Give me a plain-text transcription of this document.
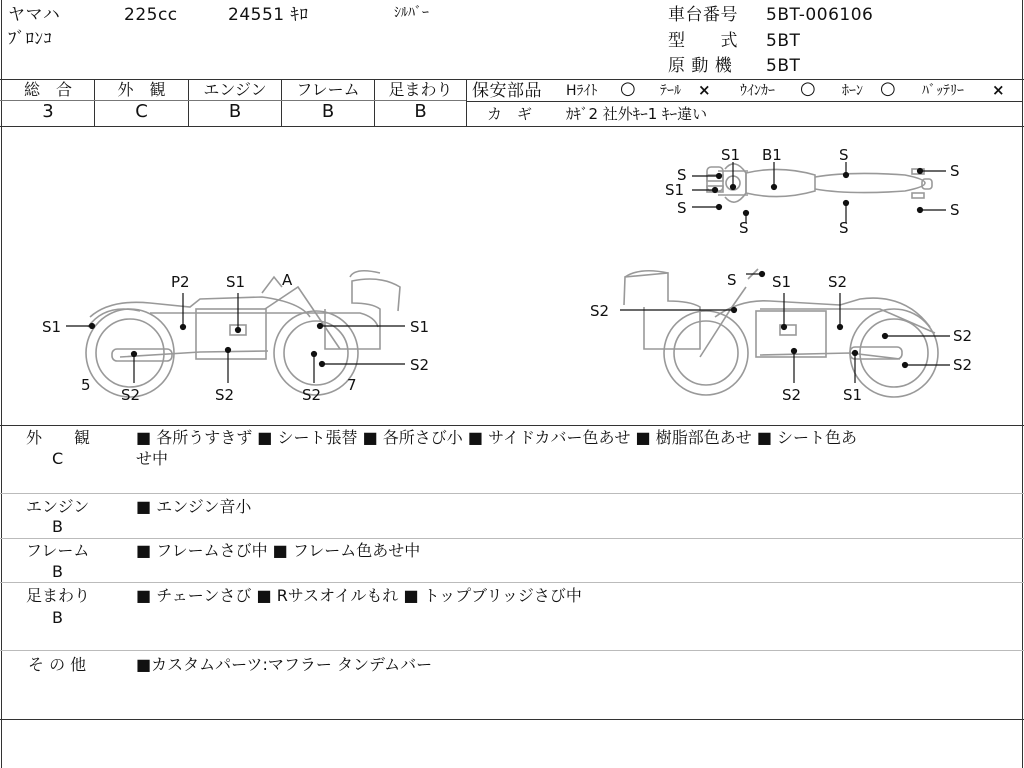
ヤマハ	225cc	24551 ｷﾛ	ｼﾙﾊﾞｰ
ﾌﾞﾛﾝｺ
車台番号 5BT-006106
型　　式 5BT
原 動 機 5BT
総　合
3
外　観
C
エンジン
B
フレーム
B
足まわり
B
保安部品 Hﾗｲﾄ ○ ﾃｰﾙ × ｳｲﾝｶｰ ○ ﾎｰﾝ ○ ﾊﾞｯﾃﾘｰ ×
カ　ギ ｶｷﾞ2 社外ｷｰ1 ｷｰ違い
S1 B1	S
S
S1
S
S	S
S
S
P2 S1 A
S1	S1
S2
S2	S2	S2
5	7
S S1 S2
S2
S2
S2
S2	S1
外　　観
C
■ 各所うすきず ■ シート張替 ■ 各所さび小 ■ サイドカバー色あせ ■ 樹脂部色あせ ■ シート色あ
せ中
エンジン
B
■ エンジン音小
フレーム
B
■ フレームさび中 ■ フレーム色あせ中
足まわり
B
■ チェーンさび ■ Rサスオイルもれ ■ トップブリッジさび中
そ の 他	■カスタムパーツ:マフラー タンデムバー
